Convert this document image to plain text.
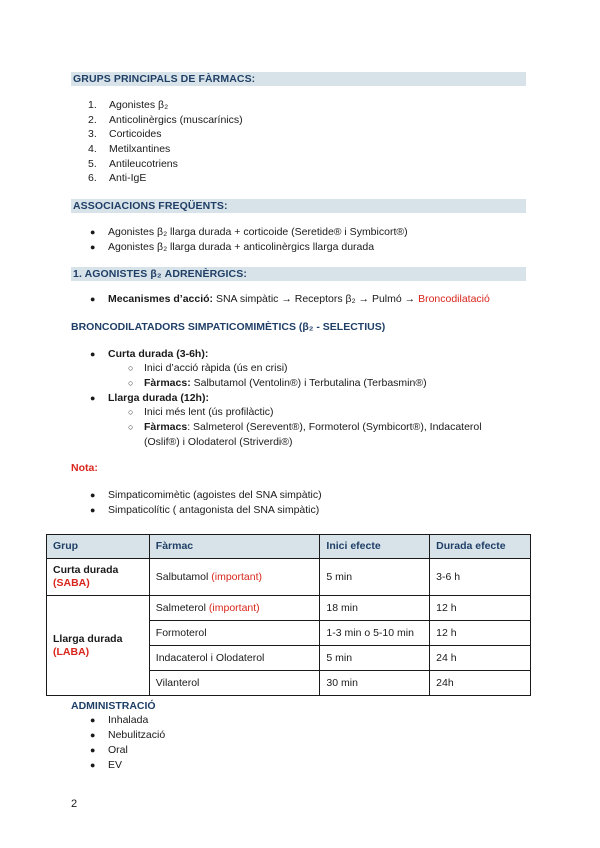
GRUPS PRINCIPALS DE FÀRMACS:
1.	Agonistes β₂
2.	Anticolinèrgics (muscarínics)
3.	Corticoides
4.	Metilxantines
5.	Antileucotriens
6.	Anti-IgE
ASSOCIACIONS FREQÜENTS:
●	Agonistes β₂ llarga durada + corticoide (Seretide® i Symbicort®)
●	Agonistes β₂ llarga durada + anticolinèrgics llarga durada
1. AGONISTES β₂ ADRENÈRGICS:
●	Mecanismes d’acció: SNA simpàtic → Receptors β₂ → Pulmó → Broncodilatació
BRONCODILATADORS SIMPATICOMIMÈTICS (β₂ - SELECTIUS)
●	Curta durada (3-6h):
○	Inici d’acció ràpida (ús en crisi)
○	Fàrmacs: Salbutamol (Ventolin®) i Terbutalina (Terbasmin®)
●	Llarga durada (12h):
○	Inici més lent (ús profilàctic)
○	Fàrmacs: Salmeterol (Serevent®), Formoterol (Symbicort®), Indacaterol (Oslif®) i Olodaterol (Striverdi®)
Nota:
●	Simpaticomimètic (agoistes del SNA simpàtic)
●	Simpaticolític ( antagonista del SNA simpàtic)
Grup	Fàrmac	Inici efecte	Durada efecte
Curta durada
(SABA)	Salbutamol (important)	5 min	3-6 h
Llarga durada
(LABA)	Salmeterol (important)	18 min	12 h
	Formoterol	1-3 min o 5-10 min	12 h
	Indacaterol i Olodaterol	5 min	24 h
	Vilanterol	30 min	24h
ADMINISTRACIÓ
●	Inhalada
●	Nebulització
●	Oral
●	EV
2
